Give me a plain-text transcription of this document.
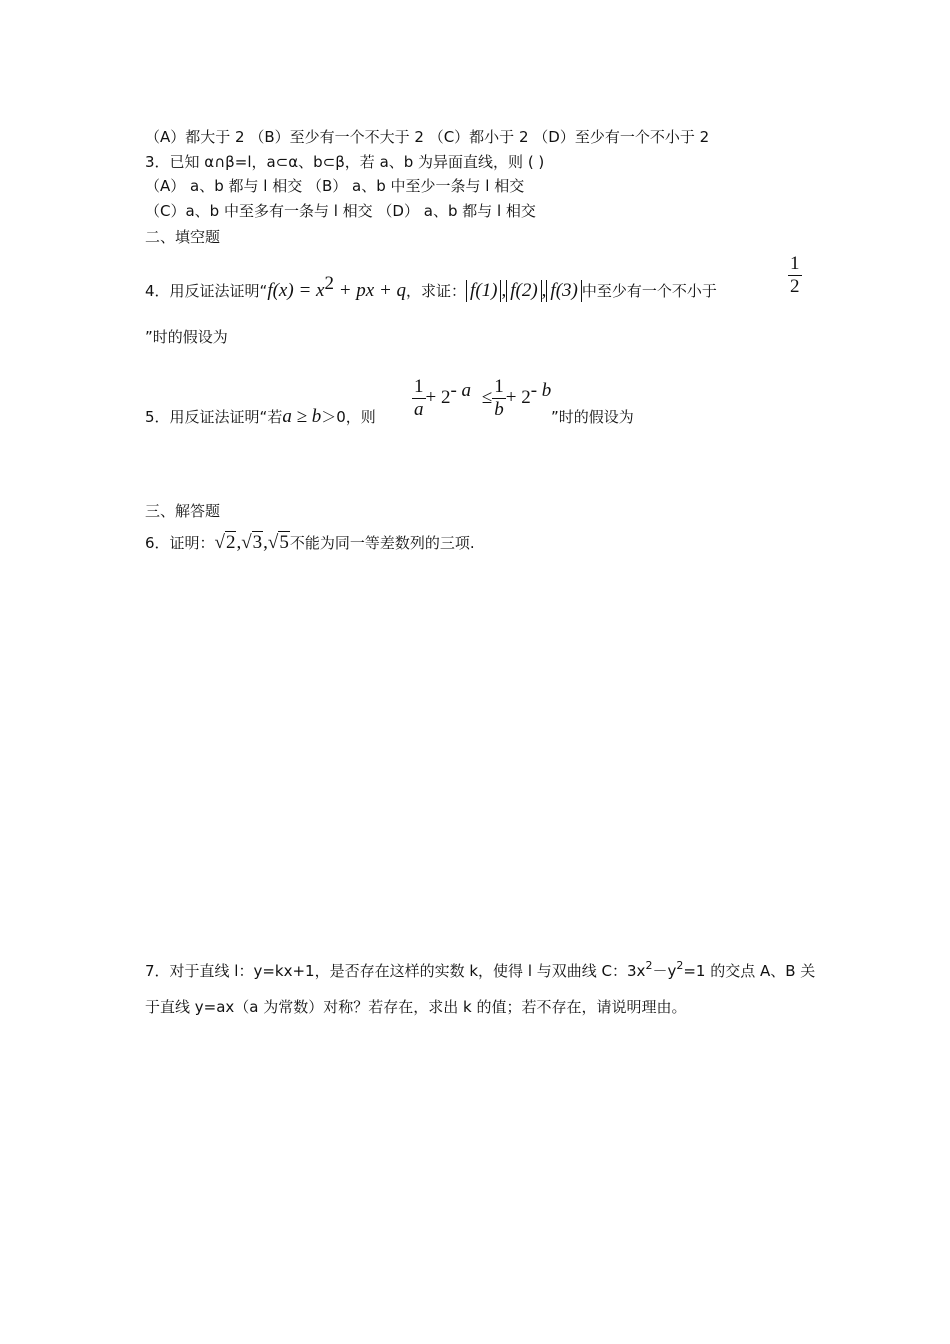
（A）都大于 2 （B）至少有一个不大于 2 （C）都小于 2 （D）至少有一个不小于 2
3．已知 α∩β=l，a⊂α、b⊂β，若 a、b 为异面直线，则 ( )
（A） a、b 都与 l 相交 （B） a、b 中至少一条与 l 相交
（C）a、b 中至多有一条与 l 相交 （D） a、b 都与 l 相交
二、填空题
4．用反证法证明“$f(x) = x^2$ + px + q，求证： f(1) , f(2) , f(3) 中至少有一个不小于	$\frac{1}{2}$
”时的假设为
5．用反证法证明“若a ≥ b＞0，则 $\frac{1}{a} + 2^{- a} \le \frac{1}{b} + 2^{- b}$
”时的假设为
三、解答题
6．证明：√2,√3,√5不能为同一等差数列的三项.
7．对于直线 l：y=kx+1，是否存在这样的实数 k，使得 l 与双曲线 C：$3x^2-y^2=1$ 的交点 A、B 关
于直线 y=ax（a 为常数）对称？若存在，求出 k 的值；若不存在，请说明理由。
